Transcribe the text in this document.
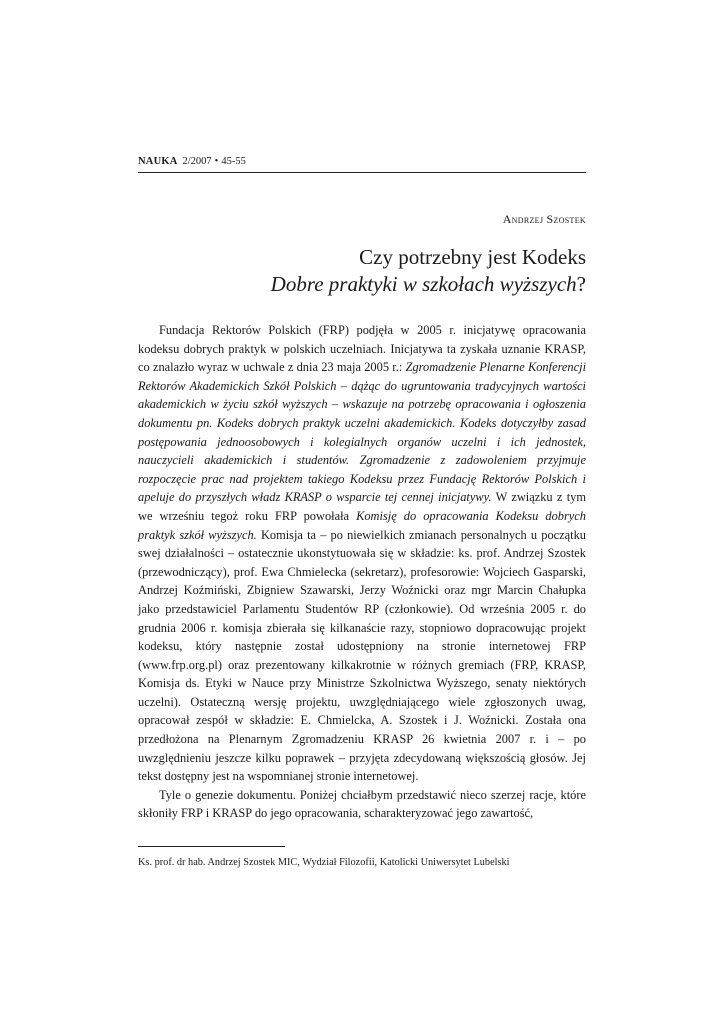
NAUKA 2/2007 • 45-55
Andrzej Szostek
Czy potrzebny jest Kodeks
Dobre praktyki w szkołach wyższych?

Fundacja Rektorów Polskich (FRP) podjęła w 2005 r. inicjatywę opracowania kodeksu dobrych praktyk w polskich uczelniach. Inicjatywa ta zyskała uznanie KRASP, co znalazło wyraz w uchwale z dnia 23 maja 2005 r.: Zgromadzenie Plenarne Konferencji Rektorów Akademickich Szkół Polskich – dążąc do ugruntowania tradycyjnych wartości akademickich w życiu szkół wyższych – wskazuje na potrzebę opracowania i ogłoszenia dokumentu pn. Kodeks dobrych praktyk uczelni akademickich. Kodeks dotyczyłby zasad postępowania jednoosobowych i kolegialnych organów uczelni i ich jednostek, nauczycieli akademickich i studentów. Zgromadzenie z zadowoleniem przyjmuje rozpoczęcie prac nad projektem takiego Kodeksu przez Fundację Rektorów Polskich i apeluje do przyszłych władz KRASP o wsparcie tej cennej inicjatywy. W związku z tym we wrześniu tegoż roku FRP powołała Komisję do opracowania Kodeksu dobrych praktyk szkół wyższych. Komisja ta – po niewielkich zmianach personalnych u początku swej działalności – ostatecznie ukonstytuowała się w składzie: ks. prof. Andrzej Szostek (przewodniczący), prof. Ewa Chmielecka (sekretarz), profesorowie: Wojciech Gasparski, Andrzej Koźmiński, Zbigniew Szawarski, Jerzy Woźnicki oraz mgr Marcin Chałupka jako przedstawiciel Parlamentu Studentów RP (członkowie). Od września 2005 r. do grudnia 2006 r. komisja zbierała się kilkanaście razy, stopniowo dopracowując projekt kodeksu, który następnie został udostępniony na stronie internetowej FRP (www.frp.org.pl) oraz prezentowany kilkakrotnie w różnych gremiach (FRP, KRASP, Komisja ds. Etyki w Nauce przy Ministrze Szkolnictwa Wyższego, senaty niektórych uczelni). Ostateczną wersję projektu, uwzględniającego wiele zgłoszonych uwag, opracował zespół w składzie: E. Chmielcka, A. Szostek i J. Woźnicki. Została ona przedłożona na Plenarnym Zgromadzeniu KRASP 26 kwietnia 2007 r. i – po uwzględnieniu jeszcze kilku poprawek – przyjęta zdecydowaną większością głosów. Jej tekst dostępny jest na wspomnianej stronie internetowej.

Tyle o genezie dokumentu. Poniżej chciałbym przedstawić nieco szerzej racje, które skłoniły FRP i KRASP do jego opracowania, scharakteryzować jego zawartość,

Ks. prof. dr hab. Andrzej Szostek MIC, Wydział Filozofii, Katolicki Uniwersytet Lubelski
